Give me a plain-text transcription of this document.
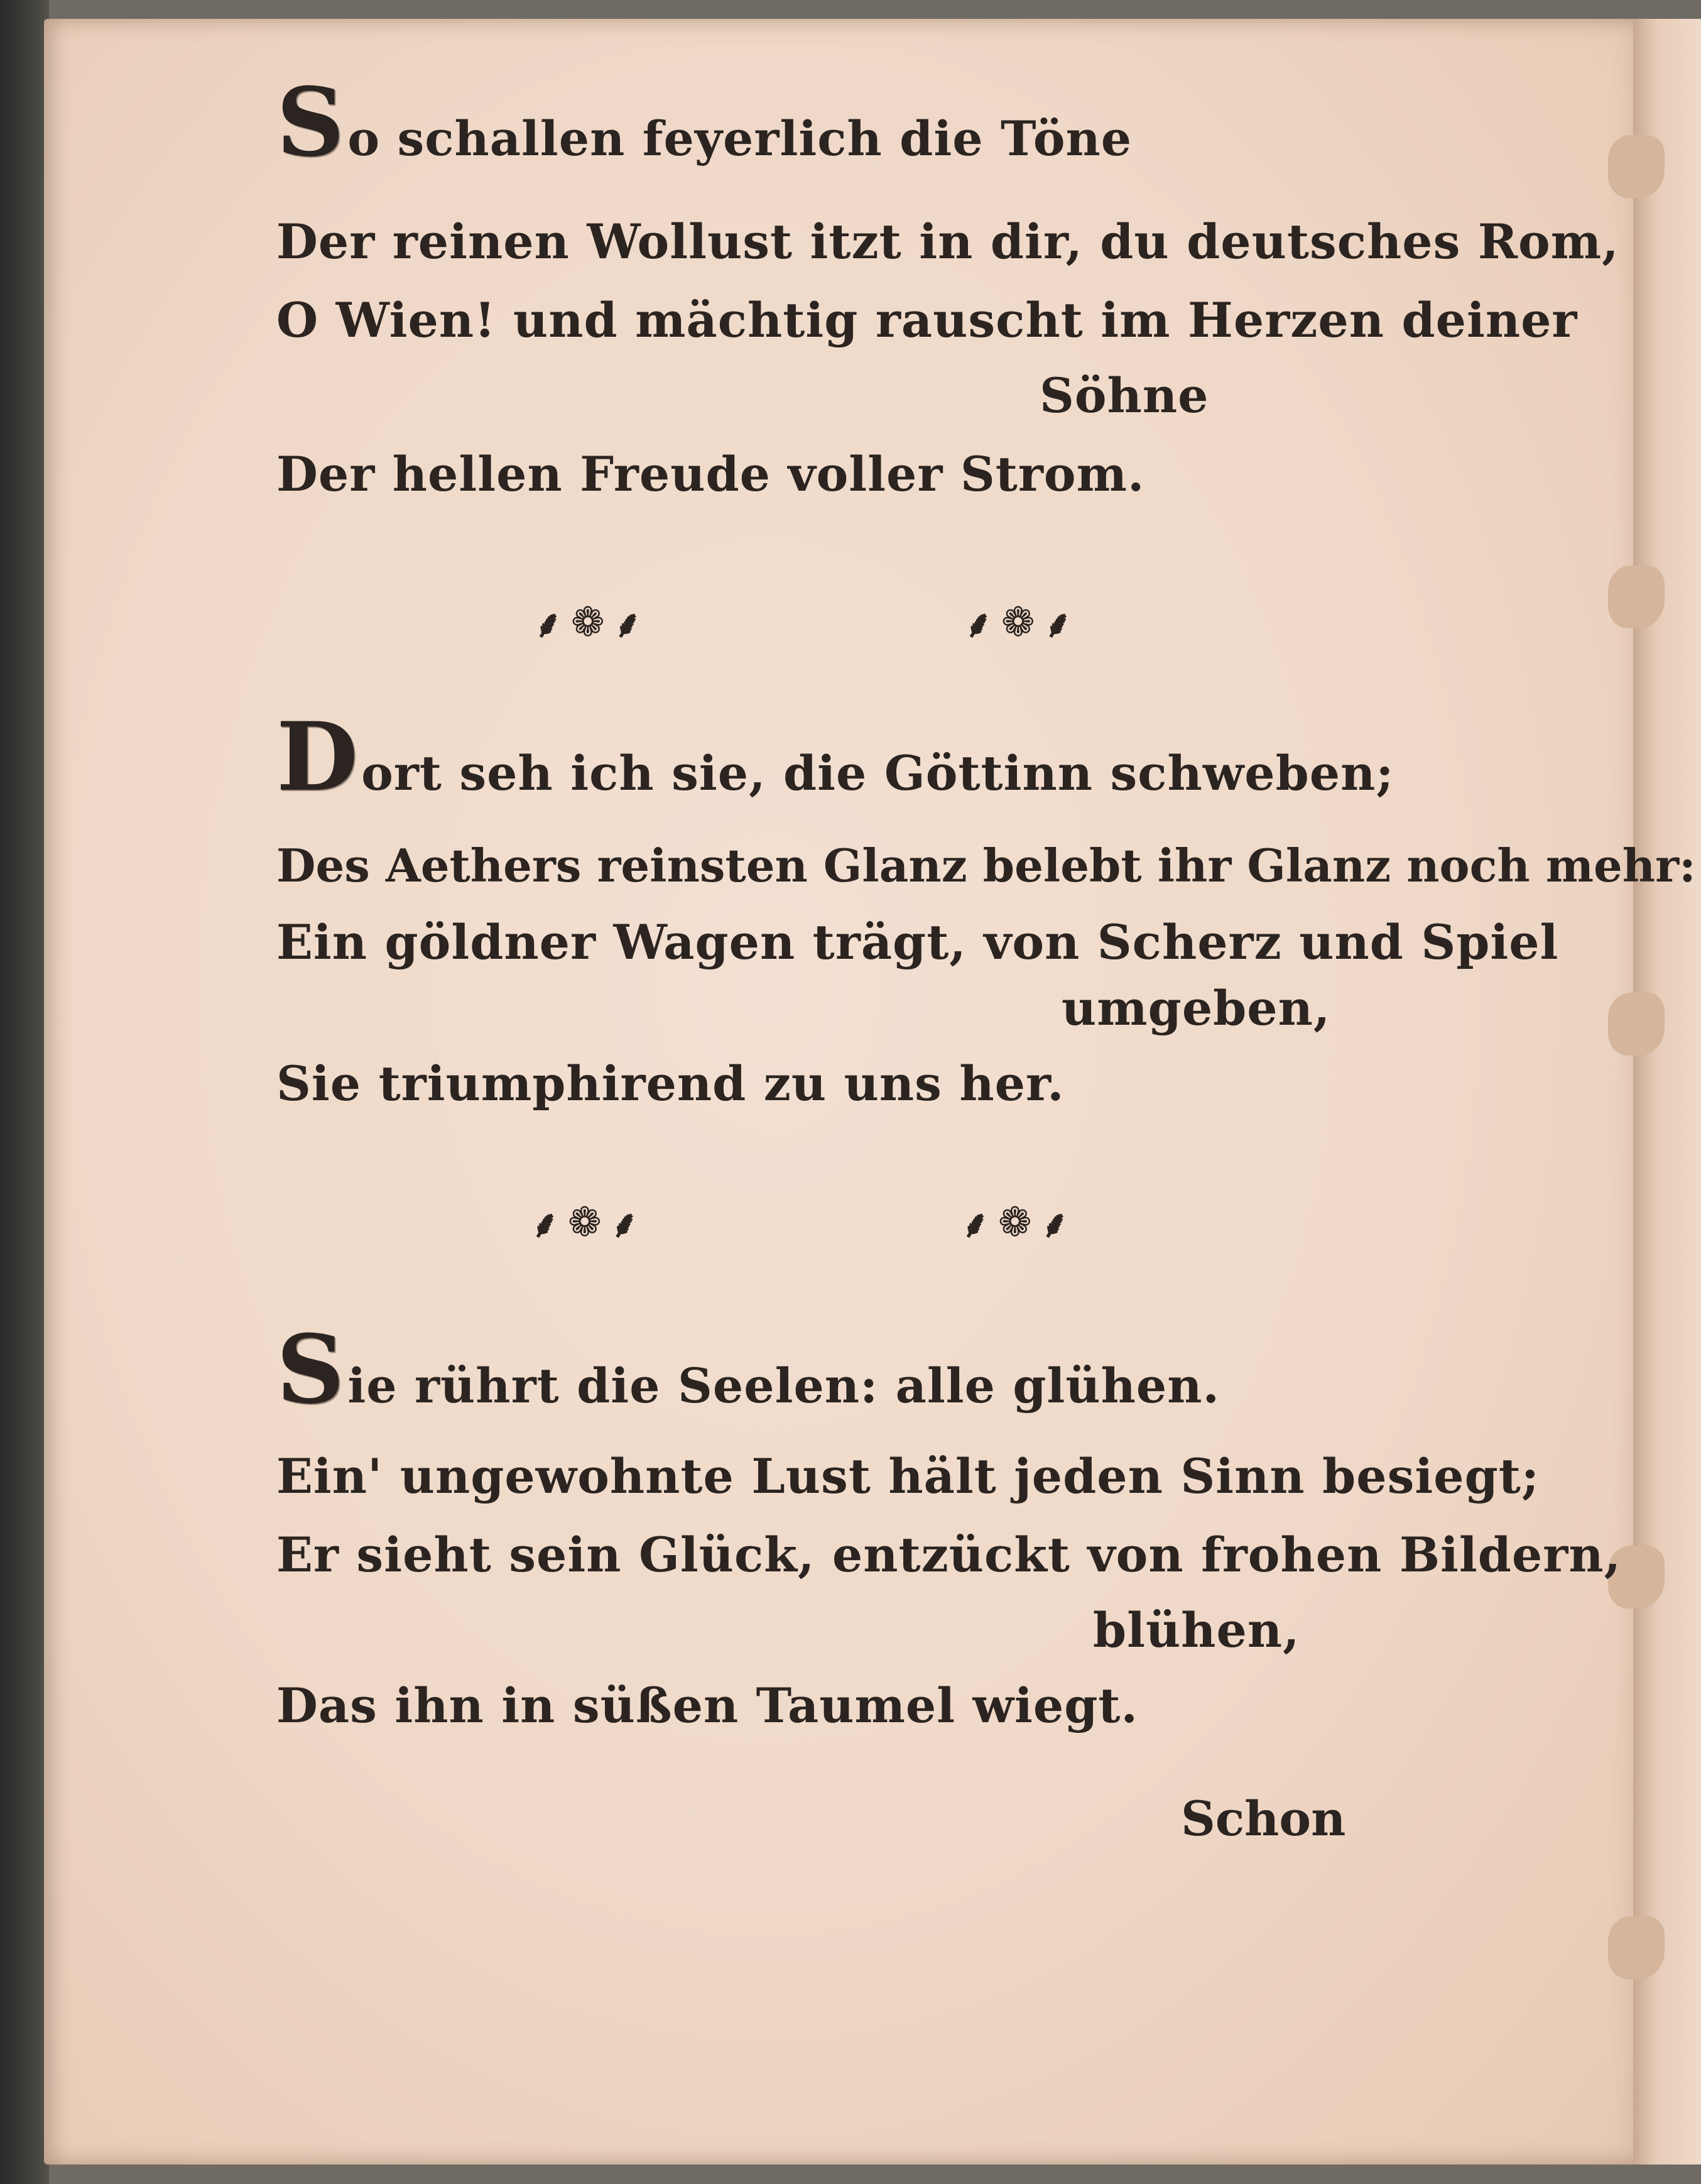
So schallen feyerlich die Töne
Der reinen Wollust itzt in dir, du deutsches Rom,
O Wien! und mächtig rauscht im Herzen deiner
Söhne
Der hellen Freude voller Strom.
⸙ ❁ ⸙	⸙ ❁ ⸙
Dort seh ich sie, die Göttinn schweben;
Des Aethers reinsten Glanz belebt ihr Glanz noch mehr:
Ein göldner Wagen trägt, von Scherz und Spiel
umgeben,
Sie triumphirend zu uns her.
⸙ ❁ ⸙	⸙ ❁ ⸙
Sie rührt die Seelen: alle glühen.
Ein' ungewohnte Lust hält jeden Sinn besiegt;
Er sieht sein Glück, entzückt von frohen Bildern,
blühen,
Das ihn in süßen Taumel wiegt.
Schon
